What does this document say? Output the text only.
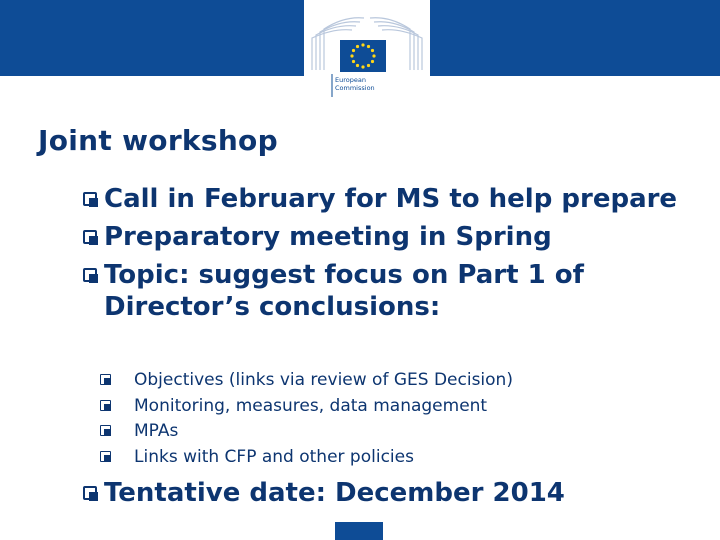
European
Commission
Joint workshop
Call in February for MS to help prepare
Preparatory meeting in Spring
Topic: suggest focus on Part 1 of Director’s conclusions:
Objectives (links via review of GES Decision)
Monitoring, measures, data management
MPAs
Links with CFP and other policies
Tentative date: December 2014
